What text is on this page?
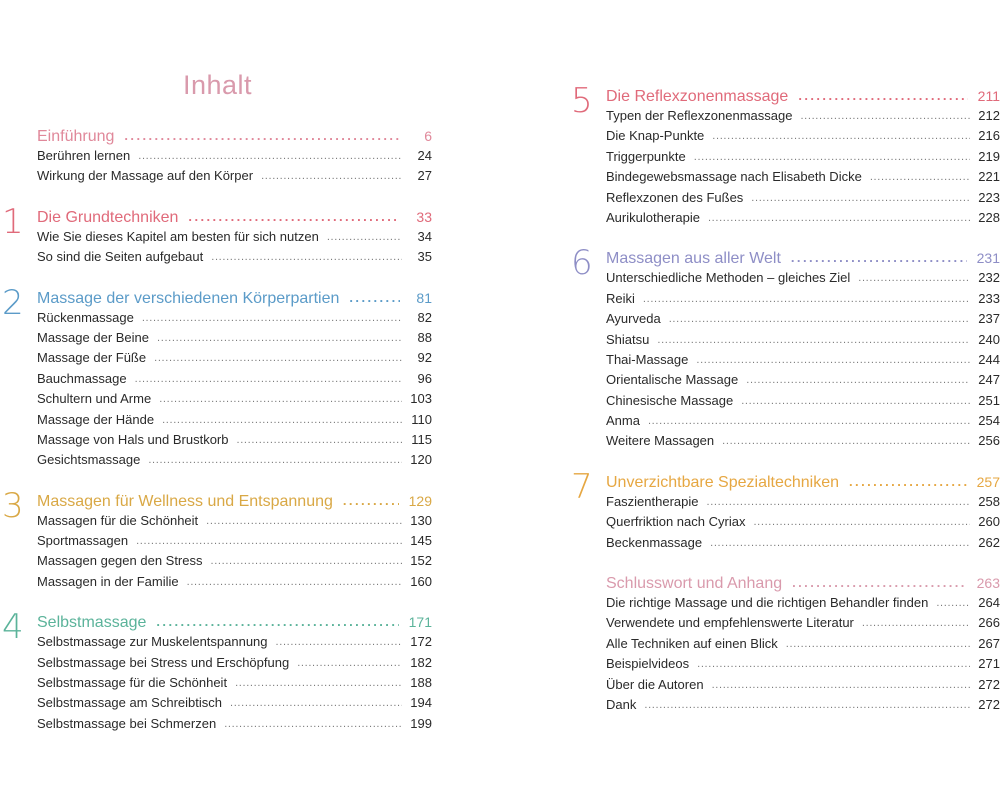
Inhalt
Einführung . . .	6
Berühren lernen . . .	24
Wirkung der Massage auf den Körper . . .	27
1 Die Grundtechniken . . .	33
Wie Sie dieses Kapitel am besten für sich nutzen . . .	34
So sind die Seiten aufgebaut . . .	35
2 Massage der verschiedenen Körperpartien . . .	81
Rückenmassage . . .	82
Massage der Beine . . .	88
Massage der Füße . . .	92
Bauchmassage . . .	96
Schultern und Arme . . .	103
Massage der Hände . . .	110
Massage von Hals und Brustkorb . . .	115
Gesichtsmassage . . .	120
3 Massagen für Wellness und Entspannung . . .	129
Massagen für die Schönheit . . .	130
Sportmassagen . . .	145
Massagen gegen den Stress . . .	152
Massagen in der Familie . . .	160
4 Selbstmassage . . .	171
Selbstmassage zur Muskelentspannung . . .	172
Selbstmassage bei Stress und Erschöpfung . . .	182
Selbstmassage für die Schönheit . . .	188
Selbstmassage am Schreibtisch . . .	194
Selbstmassage bei Schmerzen . . .	199
5 Die Reflexzonenmassage . . .	211
Typen der Reflexzonenmassage . . .	212
Die Knap-Punkte . . .	216
Triggerpunkte . . .	219
Bindegewebsmassage nach Elisabeth Dicke . . .	221
Reflexzonen des Fußes . . .	223
Aurikulotherapie . . .	228
6 Massagen aus aller Welt . . .	231
Unterschiedliche Methoden – gleiches Ziel . . .	232
Reiki . . .	233
Ayurveda . . .	237
Shiatsu . . .	240
Thai-Massage . . .	244
Orientalische Massage . . .	247
Chinesische Massage . . .	251
Anma . . .	254
Weitere Massagen . . .	256
7 Unverzichtbare Spezialtechniken . . .	257
Faszientherapie . . .	258
Querfriktion nach Cyriax . . .	260
Beckenmassage . . .	262
Schlusswort und Anhang . . .	263
Die richtige Massage und die richtigen Behandler finden . . .	264
Verwendete und empfehlenswerte Literatur . . .	266
Alle Techniken auf einen Blick . . .	267
Beispielvideos . . .	271
Über die Autoren . . .	272
Dank . . .	272
